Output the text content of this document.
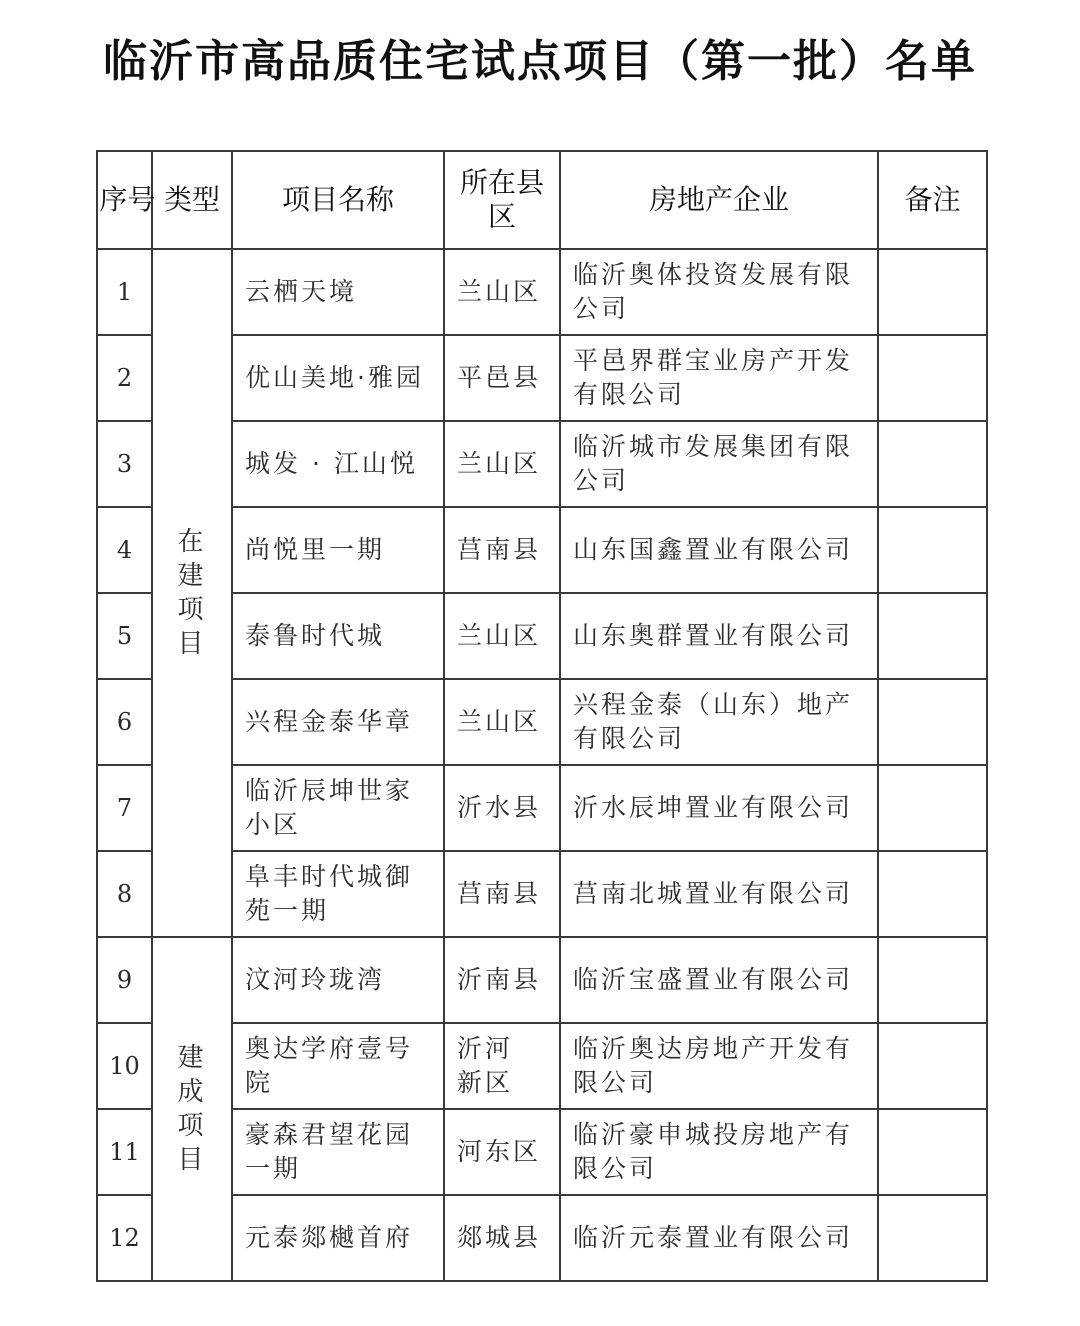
临沂市高品质住宅试点项目（第一批）名单
序号	类型	项目名称	所在县区	房地产企业	备注
1	在建项目	云栖天境	兰山区	临沂奥体投资发展有限公司	
2		优山美地·雅园	平邑县	平邑界群宝业房产开发有限公司	
3		城发 · 江山悦	兰山区	临沂城市发展集团有限公司	
4		尚悦里一期	莒南县	山东国鑫置业有限公司	
5		泰鲁时代城	兰山区	山东奥群置业有限公司	
6		兴程金泰华章	兰山区	兴程金泰（山东）地产有限公司	
7		临沂辰坤世家小区	沂水县	沂水辰坤置业有限公司	
8		阜丰时代城御苑一期	莒南县	莒南北城置业有限公司	
9	建成项目	汶河玲珑湾	沂南县	临沂宝盛置业有限公司	
10		奥达学府壹号院	沂河新区	临沂奥达房地产开发有限公司	
11		豪森君望花园一期	河东区	临沂豪申城投房地产有限公司	
12		元泰郯樾首府	郯城县	临沂元泰置业有限公司	
